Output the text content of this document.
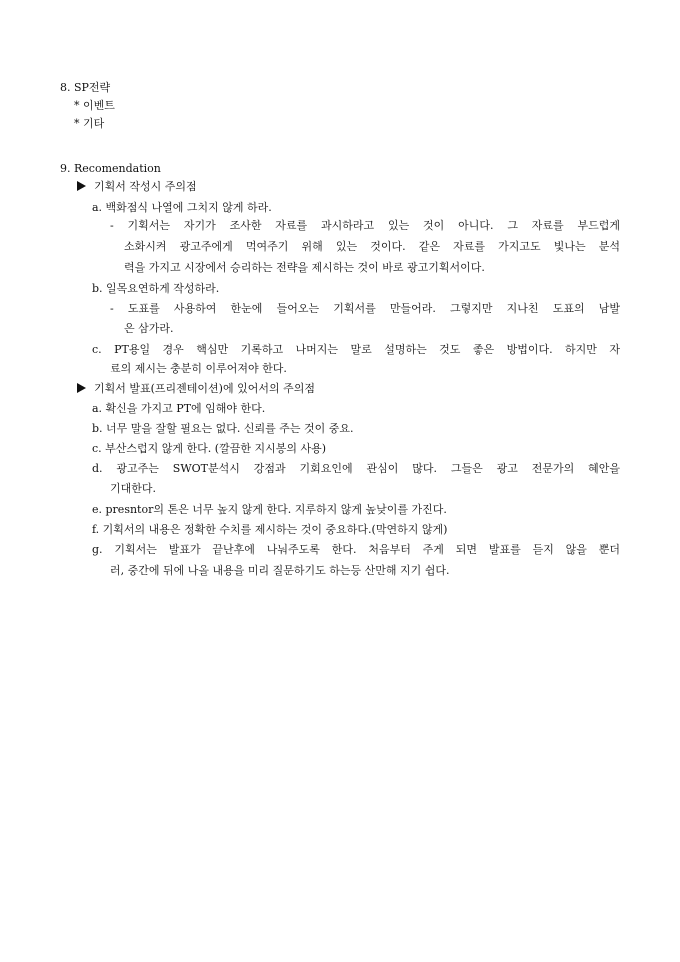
8. SP전략
* 이벤트
* 기타
9. Recomendation
기획서 작성시 주의점
a. 백화점식 나열에 그치지 않게 하라.
- 기획서는 자기가 조사한 자료를 과시하라고 있는 것이 아니다. 그 자료를 부드럽게
소화시켜 광고주에게 먹여주기 위해 있는 것이다. 같은 자료를 가지고도 빛나는 분석
력을 가지고 시장에서 승리하는 전략을 제시하는 것이 바로 광고기획서이다.
b. 일목요연하게 작성하라.
- 도표를 사용하여 한눈에 들어오는 기획서를 만들어라. 그렇지만 지나친 도표의 남발
은 삼가라.
c. PT용일 경우 핵심만 기록하고 나머지는 말로 설명하는 것도 좋은 방법이다. 하지만 자
료의 제시는 충분히 이루어져야 한다.
기획서 발표(프리젠테이션)에 있어서의 주의점
a. 확신을 가지고 PT에 임해야 한다.
b. 너무 말을 잘할 필요는 없다. 신뢰를 주는 것이 중요.
c. 부산스럽지 않게 한다. (깔끔한 지시봉의 사용)
d. 광고주는 SWOT분석시 강점과 기회요인에 관심이 많다. 그들은 광고 전문가의 혜안을
기대한다.
e. presntor의 톤은 너무 높지 않게 한다. 지루하지 않게 높낮이를 가진다.
f. 기획서의 내용은 정확한 수치를 제시하는 것이 중요하다.(막연하지 않게)
g. 기획서는 발표가 끝난후에 나눠주도록 한다. 처음부터 주게 되면 발표를 듣지 않을 뿐더
러, 중간에 뒤에 나올 내용을 미리 질문하기도 하는등 산만해 지기 쉽다.
